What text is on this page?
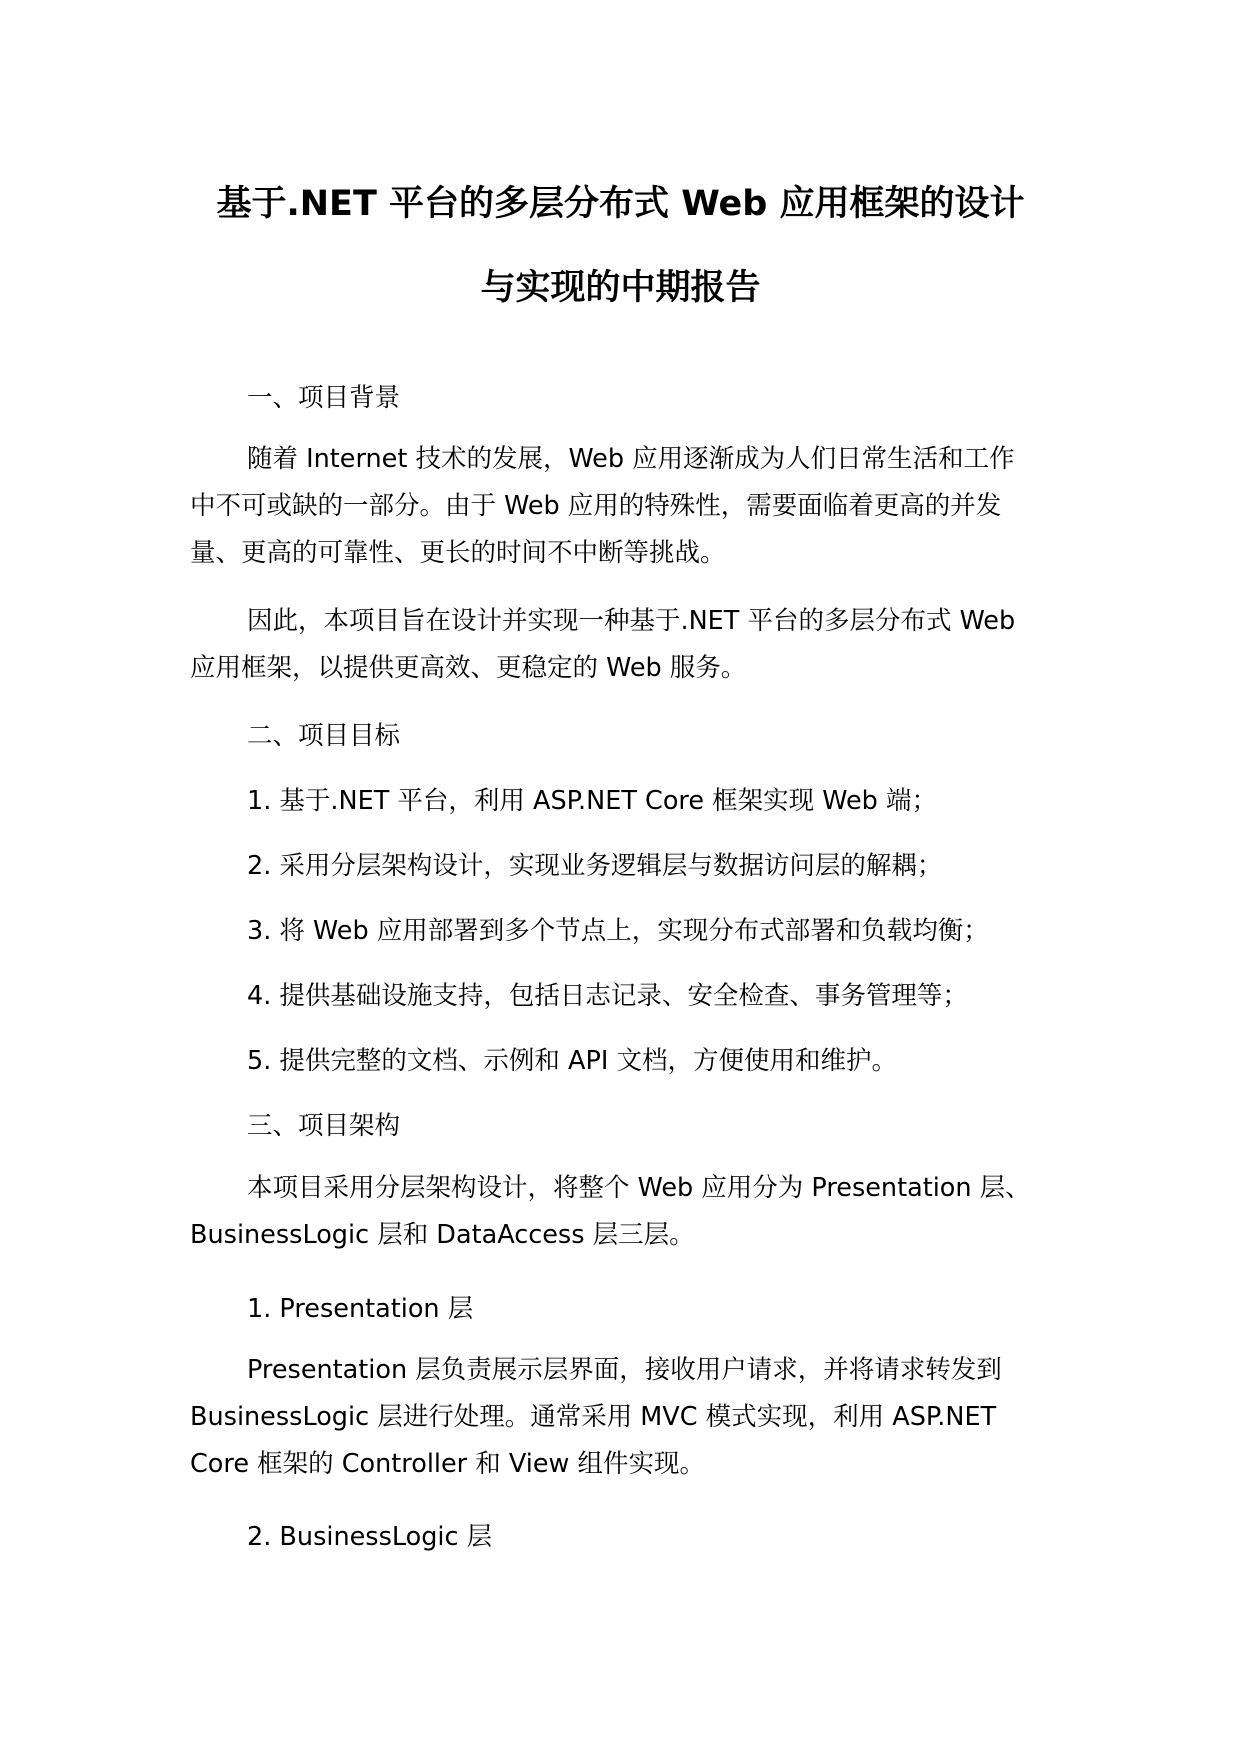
基于.NET 平台的多层分布式 Web 应用框架的设计
与实现的中期报告

一、项目背景

随着 Internet 技术的发展，Web 应用逐渐成为人们日常生活和工作
中不可或缺的一部分。由于 Web 应用的特殊性，需要面临着更高的并发
量、更高的可靠性、更长的时间不中断等挑战。

因此，本项目旨在设计并实现一种基于.NET 平台的多层分布式 Web
应用框架，以提供更高效、更稳定的 Web 服务。

二、项目目标

1. 基于.NET 平台，利用 ASP.NET Core 框架实现 Web 端；

2. 采用分层架构设计，实现业务逻辑层与数据访问层的解耦；

3. 将 Web 应用部署到多个节点上，实现分布式部署和负载均衡；

4. 提供基础设施支持，包括日志记录、安全检查、事务管理等；

5. 提供完整的文档、示例和 API 文档，方便使用和维护。

三、项目架构

本项目采用分层架构设计，将整个 Web 应用分为 Presentation 层、
BusinessLogic 层和 DataAccess 层三层。

1. Presentation 层

Presentation 层负责展示层界面，接收用户请求，并将请求转发到
BusinessLogic 层进行处理。通常采用 MVC 模式实现，利用 ASP.NET
Core 框架的 Controller 和 View 组件实现。

2. BusinessLogic 层
